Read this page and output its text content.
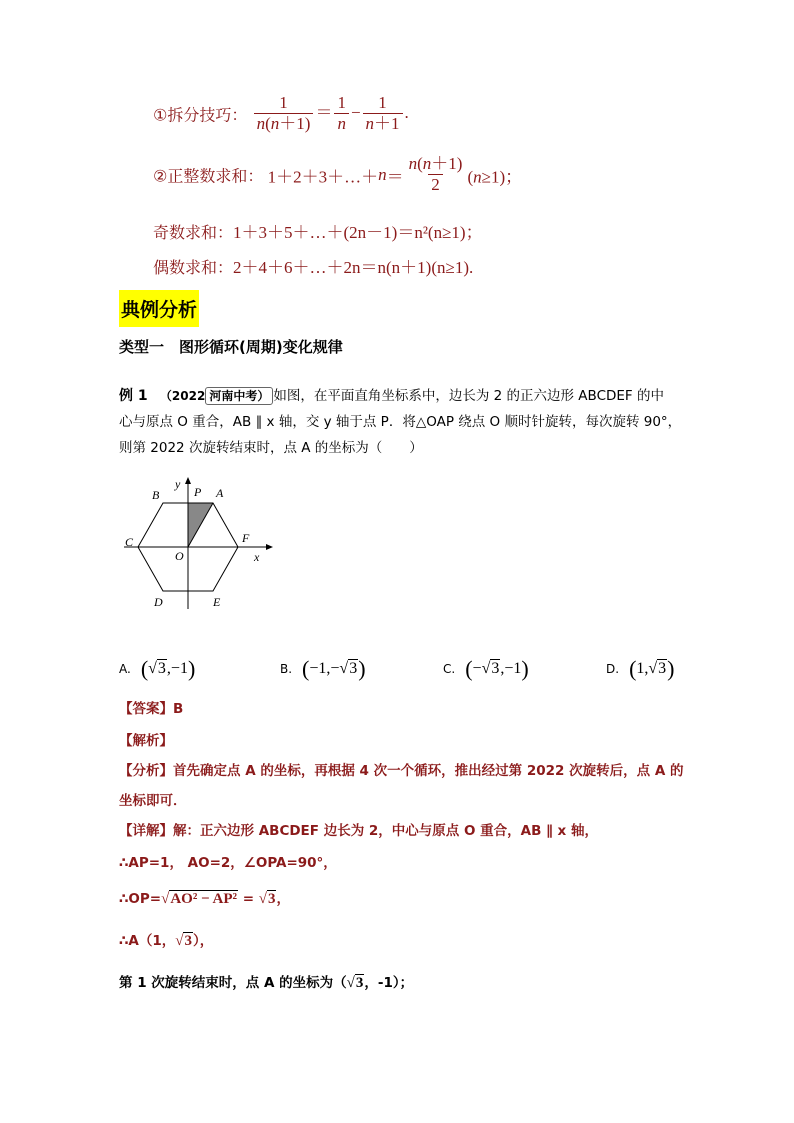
①拆分技巧： $\frac{1}{n(n+1)} = \frac{1}{n} - \frac{1}{n+1}$ .
②正整数求和： 1＋2＋3＋…＋n＝ $\frac{n(n+1)}{2} (n\ge 1)$；
奇数求和：1＋3＋5＋…＋(2n－1)＝n²(n≥1)；
偶数求和：2＋4＋6＋…＋2n＝n(n＋1)(n≥1).
典例分析
类型一　图形循环(周期)变化规律
例 1 （2022 河南中考） 如图，在平面直角坐标系中，边长为 2 的正六边形 ABCDEF 的中
心与原点 O 重合，AB ∥ x 轴，交 y 轴于点 P．将△OAP 绕点 O 顺时针旋转，每次旋转 90°，
则第 2022 次旋转结束时，点 A 的坐标为（　　）
B
y
P A
C	F
O	x
D	E
A. (√3,−1)	B. (−1,−√3)	C. (−√3,−1)	D. (1,√3)
【答案】B
【解析】
【分析】首先确定点 A 的坐标，再根据 4 次一个循环，推出经过第 2022 次旋转后，点 A 的
坐标即可．
【详解】解：正六边形 ABCDEF 边长为 2，中心与原点 O 重合，AB ∥ x 轴，
∴AP=1， AO=2，∠OPA=90°，
∴OP=√AO² − AP² = √3，
∴A（1，√3），
第 1 次旋转结束时，点 A 的坐标为（√3，-1）；
